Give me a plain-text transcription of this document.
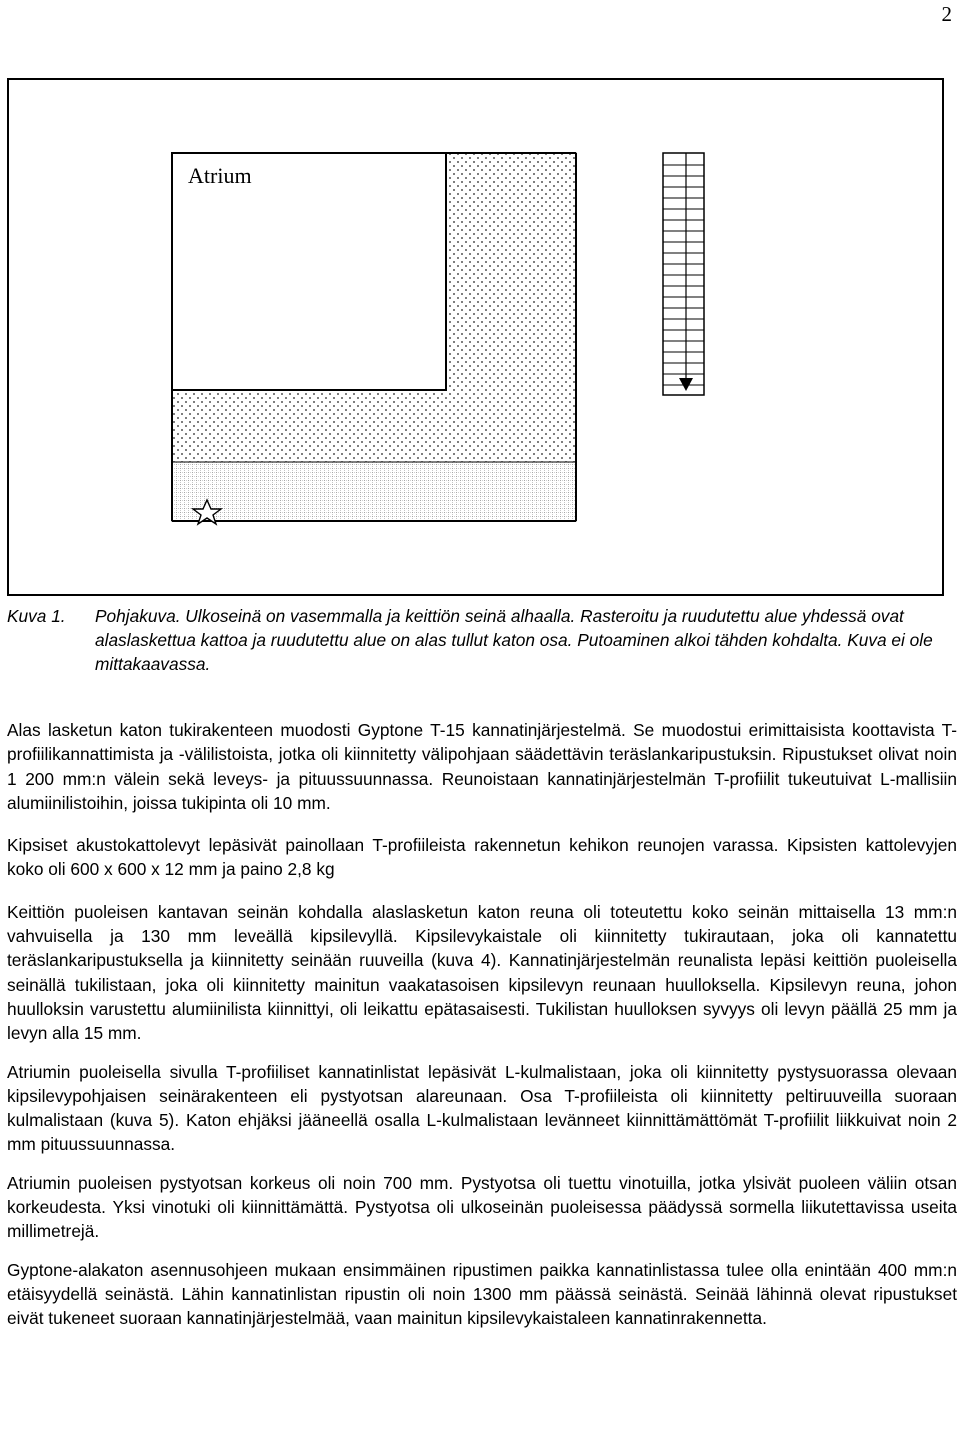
2
Atrium
Kuva 1. Pohjakuva. Ulkoseinä on vasemmalla ja keittiön seinä alhaalla. Rasteroitu ja ruudutettu alue yhdessä ovat alaslaskettua kattoa ja ruudutettu alue on alas tullut katon osa. Putoaminen alkoi tähden kohdalta. Kuva ei ole mittakaavassa.

Alas lasketun katon tukirakenteen muodosti Gyptone T-15 kannatinjärjestelmä. Se muodostui erimittaisista koottavista T-profiilikannattimista ja -välilistoista, jotka oli kiinnitetty välipohjaan säädettävin teräslankaripustuksin. Ripustukset olivat noin 1 200 mm:n välein sekä leveys- ja pituussuunnassa. Reunoistaan kannatinjärjestelmän T-profiilit tukeutuivat L-mallisiin alumiinilistoihin, joissa tukipinta oli 10 mm.

Kipsiset akustokattolevyt lepäsivät painollaan T-profiileista rakennetun kehikon reunojen varassa. Kipsisten kattolevyjen koko oli 600 x 600 x 12 mm ja paino 2,8 kg

Keittiön puoleisen kantavan seinän kohdalla alaslasketun katon reuna oli toteutettu koko seinän mittaisella 13 mm:n vahvuisella ja 130 mm leveällä kipsilevyllä. Kipsilevykaistale oli kiinnitetty tukirautaan, joka oli kannatettu teräslankaripustuksella ja kiinnitetty seinään ruuveilla (kuva 4). Kannatinjärjestelmän reunalista lepäsi keittiön puoleisella seinällä tukilistaan, joka oli kiinnitetty mainitun vaakatasoisen kipsilevyn reunaan huulloksella. Kipsilevyn reuna, johon huulloksin varustettu alumiinilista kiinnittyi, oli leikattu epätasaisesti. Tukilistan huulloksen syvyys oli levyn päällä 25 mm ja levyn alla 15 mm.

Atriumin puoleisella sivulla T-profiiliset kannatinlistat lepäsivät L-kulmalistaan, joka oli kiinnitetty pystysuorassa olevaan kipsilevypohjaisen seinärakenteen eli pystyotsan alareunaan. Osa T-profiileista oli kiinnitetty peltiruuveilla suoraan kulmalistaan (kuva 5). Katon ehjäksi jääneellä osalla L-kulmalistaan levänneet kiinnittämättömät T-profiilit liikkuivat noin 2 mm pituussuunnassa.

Atriumin puoleisen pystyotsan korkeus oli noin 700 mm. Pystyotsa oli tuettu vinotuilla, jotka ylsivät puoleen väliin otsan korkeudesta. Yksi vinotuki oli kiinnittämättä. Pystyotsa oli ulkoseinän puoleisessa päädyssä sormella liikutettavissa useita millimetrejä.

Gyptone-alakaton asennusohjeen mukaan ensimmäinen ripustimen paikka kannatinlistassa tulee olla enintään 400 mm:n etäisyydellä seinästä. Lähin kannatinlistan ripustin oli noin 1300 mm päässä seinästä. Seinää lähinnä olevat ripustukset eivät tukeneet suoraan kannatinjärjestelmää, vaan mainitun kipsilevykaistaleen kannatinrakennetta.
